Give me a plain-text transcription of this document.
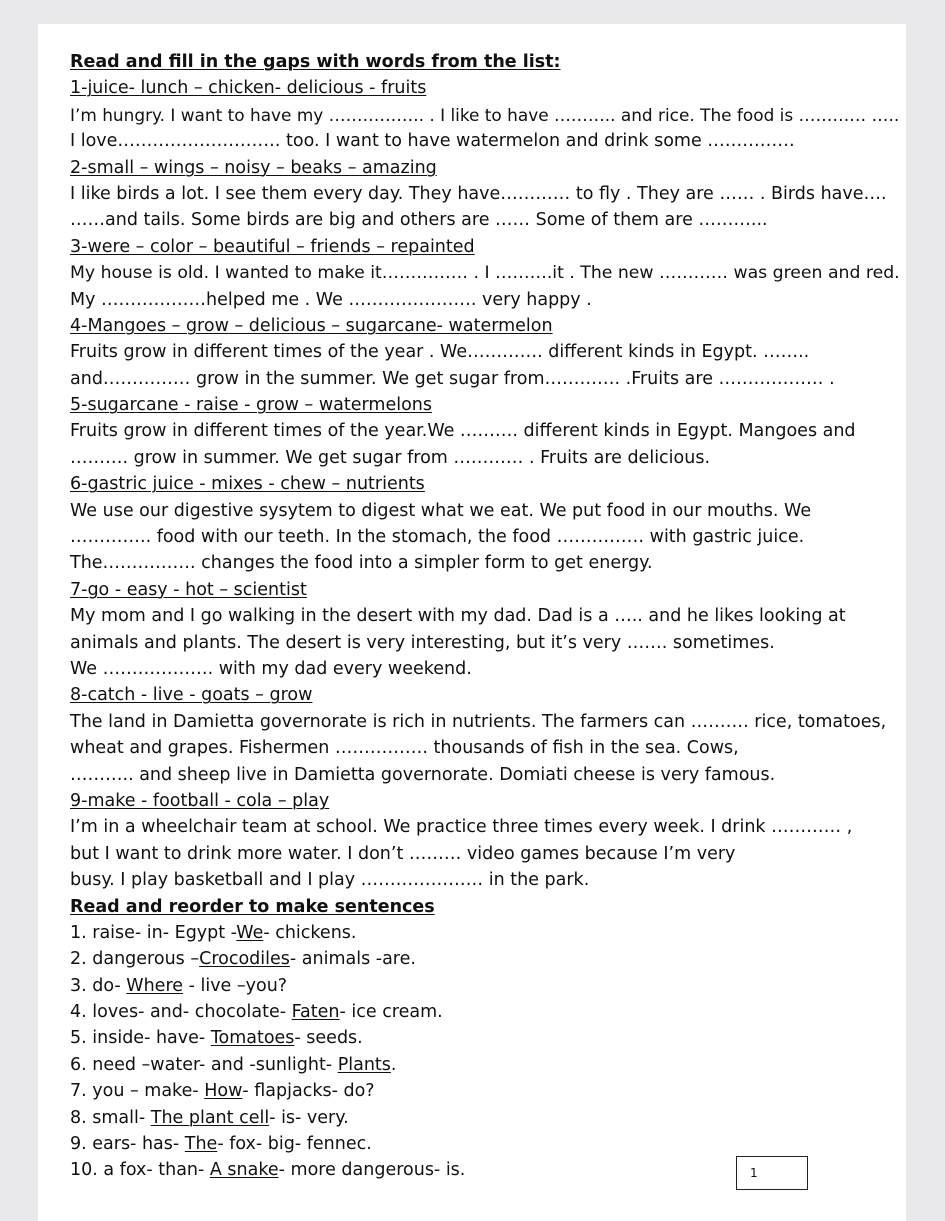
Read and fill in the gaps with words from the list:
1-juice- lunch – chicken- delicious - fruits
I’m hungry. I want to have my …………….. . I like to have ……….. and rice. The food is ………… …..
I love………………………. too. I want to have watermelon and drink some ……………
2-small – wings – noisy – beaks – amazing
I like birds a lot. I see them every day. They have………… to fly . They are …… . Birds have….
……and tails. Some birds are big and others are …… Some of them are ………...
3-were – color – beautiful – friends – repainted
My house is old. I wanted to make it…………… . I ……….it . The new ………… was green and red.
My ………………helped me . We …………………. very happy .
4-Mangoes – grow – delicious – sugarcane- watermelon
Fruits grow in different times of the year . We…………. different kinds in Egypt. ……..
and…………… grow in the summer. We get sugar from…………. .Fruits are ……………… .
5-sugarcane - raise - grow – watermelons
Fruits grow in different times of the year.We ………. different kinds in Egypt. Mangoes and
………. grow in summer. We get sugar from ………… . Fruits are delicious.
6-gastric juice - mixes - chew – nutrients
We use our digestive sysytem to digest what we eat. We put food in our mouths. We
………….. food with our teeth. In the stomach, the food …………… with gastric juice.
The……………. changes the food into a simpler form to get energy.
7-go - easy - hot – scientist
My mom and I go walking in the desert with my dad. Dad is a ….. and he likes looking at
animals and plants. The desert is very interesting, but it’s very ……. sometimes.
We ………………. with my dad every weekend.
8-catch - live - goats – grow
The land in Damietta governorate is rich in nutrients. The farmers can ………. rice, tomatoes,
wheat and grapes. Fishermen ……………. thousands of fish in the sea. Cows,
……….. and sheep live in Damietta governorate. Domiati cheese is very famous.
9-make - football - cola – play
I’m in a wheelchair team at school. We practice three times every week. I drink ………… ,
but I want to drink more water. I don’t ……… video games because I’m very
busy. I play basketball and I play ………………… in the park.
Read and reorder to make sentences
1. raise- in- Egypt -We- chickens.
2. dangerous –Crocodiles- animals -are.
3. do- Where - live –you?
4. loves- and- chocolate- Faten- ice cream.
5. inside- have- Tomatoes- seeds.
6. need –water- and -sunlight- Plants.
7. you – make- How- flapjacks- do?
8. small- The plant cell- is- very.
9. ears- has- The- fox- big- fennec.
10. a fox- than- A snake- more dangerous- is.	1
